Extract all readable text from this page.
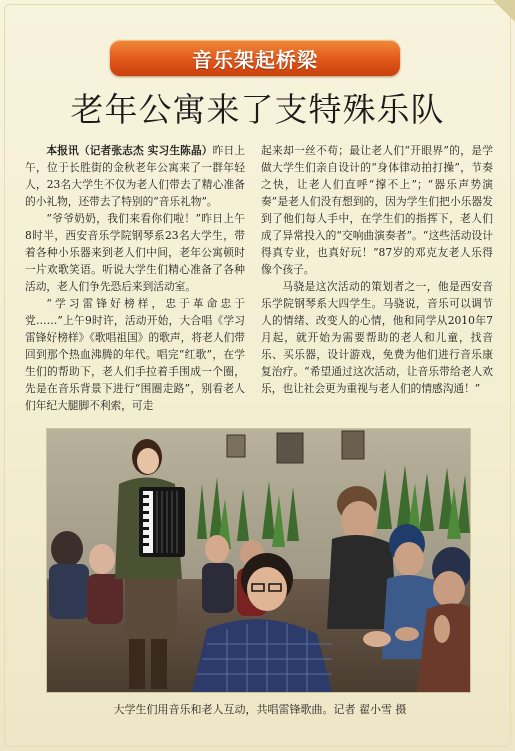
音乐架起桥梁
老年公寓来了支特殊乐队

本报讯（记者张志杰 实习生陈晶）昨日上午，位于长胜街的金秋老年公寓来了一群年轻人，23名大学生不仅为老人们带去了精心准备的小礼物，还带去了特别的“音乐礼物”。

“爷爷奶奶，我们来看你们啦！”昨日上午8时半，西安音乐学院钢琴系23名大学生，带着各种小乐器来到老人们中间，老年公寓顿时一片欢歌笑语。听说大学生们精心准备了各种活动，老人们争先恐后来到活动室。

“学习雷锋好榜样，忠于革命忠于党……”上午9时许，活动开始，大合唱《学习雷锋好榜样》《歌唱祖国》的歌声，将老人们带回到那个热血沸腾的年代。唱完“红歌”，在学生们的帮助下，老人们手拉着手围成一个圈，先是在音乐背景下进行“围圈走路”，别看老人们年纪大腿脚不利索，可走

起来却一丝不苟；最让老人们“开眼界”的，是学做大学生们亲自设计的“身体律动拍打操”，节奏之快，让老人们直呼“撑不上”；“器乐声势演奏”是老人们没有想到的，因为学生们把小乐器发到了他们每人手中，在学生们的指挥下，老人们成了异常投入的“交响曲演奏者”。“这些活动设计得真专业，也真好玩！”87岁的邓克友老人乐得像个孩子。

马骁是这次活动的策划者之一，他是西安音乐学院钢琴系大四学生。马骁说，音乐可以调节人的情绪、改变人的心情，他和同学从2010年7月起，就开始为需要帮助的老人和儿童，找音乐、买乐器，设计游戏，免费为他们进行音乐康复治疗。“希望通过这次活动，让音乐带给老人欢乐，也让社会更为重视与老人们的情感沟通！”

大学生们用音乐和老人互动，共唱雷锋歌曲。记者 翟小雪 摄
